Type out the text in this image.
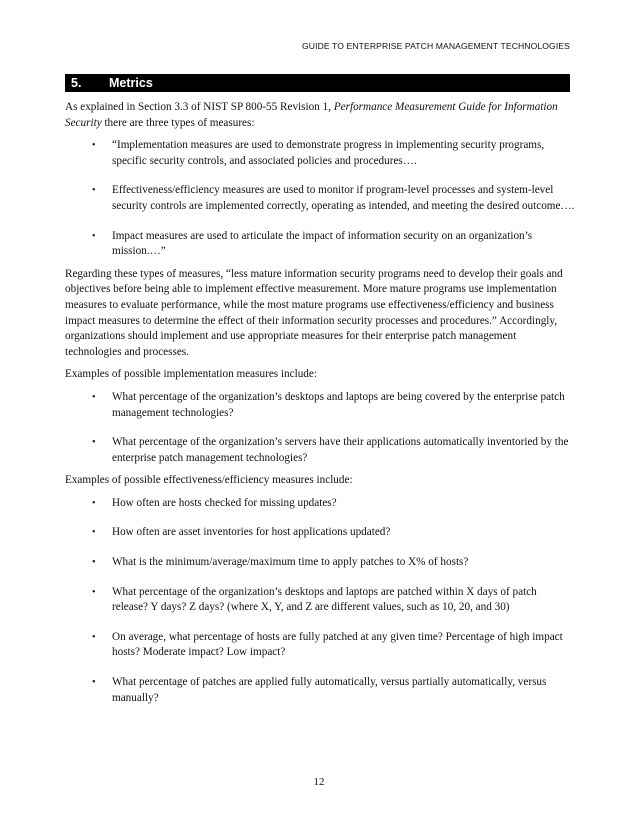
GUIDE TO ENTERPRISE PATCH MANAGEMENT TECHNOLOGIES
5. Metrics

As explained in Section 3.3 of NIST SP 800-55 Revision 1, Performance Measurement Guide for Information Security there are three types of measures:

• “Implementation measures are used to demonstrate progress in implementing security programs, specific security controls, and associated policies and procedures….
• Effectiveness/efficiency measures are used to monitor if program-level processes and system-level security controls are implemented correctly, operating as intended, and meeting the desired outcome….
• Impact measures are used to articulate the impact of information security on an organization’s mission.…”

Regarding these types of measures, “less mature information security programs need to develop their goals and objectives before being able to implement effective measurement. More mature programs use implementation measures to evaluate performance, while the most mature programs use effectiveness/efficiency and business impact measures to determine the effect of their information security processes and procedures.” Accordingly, organizations should implement and use appropriate measures for their enterprise patch management technologies and processes.

Examples of possible implementation measures include:

• What percentage of the organization’s desktops and laptops are being covered by the enterprise patch management technologies?
• What percentage of the organization’s servers have their applications automatically inventoried by the enterprise patch management technologies?

Examples of possible effectiveness/efficiency measures include:

• How often are hosts checked for missing updates?
• How often are asset inventories for host applications updated?
• What is the minimum/average/maximum time to apply patches to X% of hosts?
• What percentage of the organization’s desktops and laptops are patched within X days of patch release? Y days? Z days? (where X, Y, and Z are different values, such as 10, 20, and 30)
• On average, what percentage of hosts are fully patched at any given time? Percentage of high impact hosts? Moderate impact? Low impact?
• What percentage of patches are applied fully automatically, versus partially automatically, versus manually?
12
